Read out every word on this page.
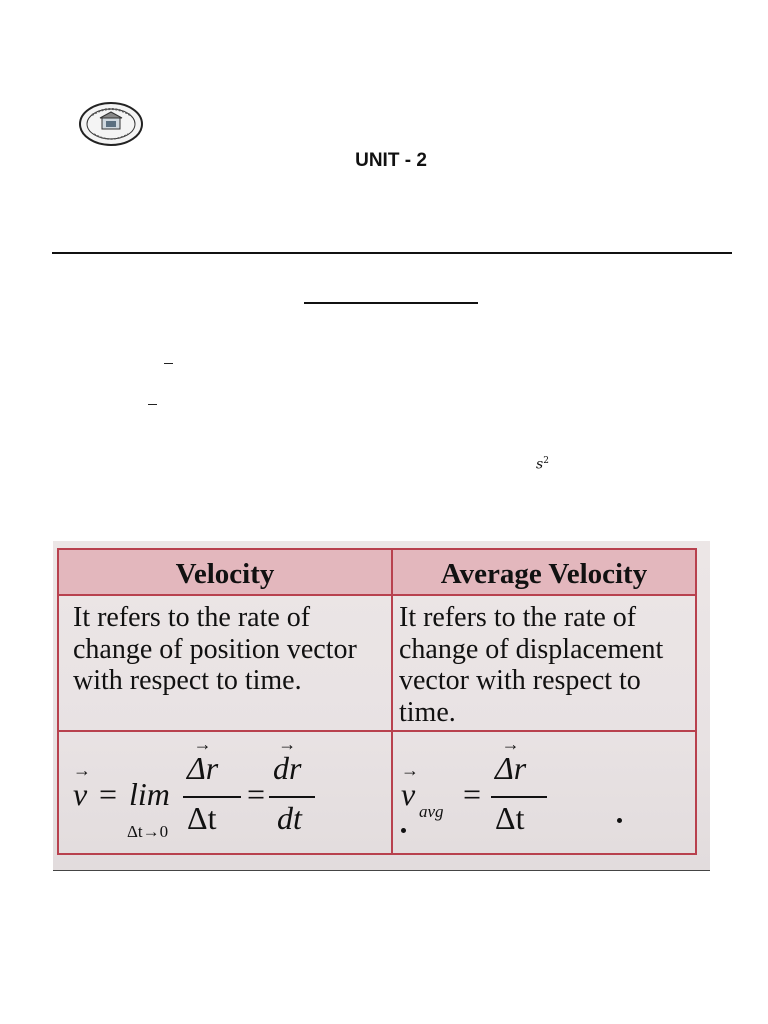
UNIT - 2
$s^2$
Velocity	Average Velocity
It refers to the rate of change of position vector with respect to time.
It refers to the rate of change of displacement vector with respect to time.
→
v = lim
Δt→0
→
Δr
Δt
=
→
dr
dt
→
v avg =
→
Δr
Δt
